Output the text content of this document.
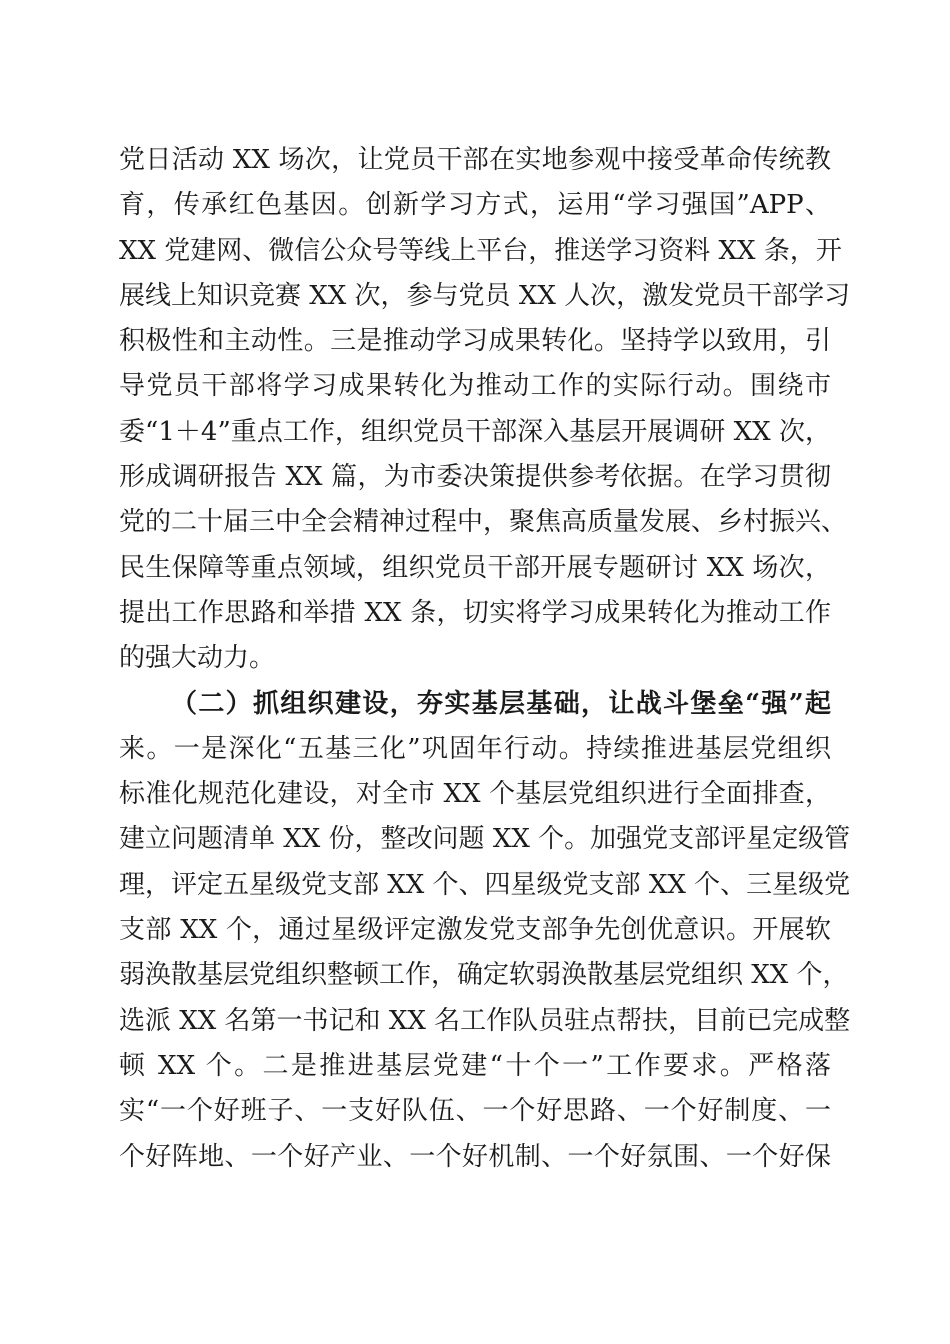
党日活动 XX 场次，让党员干部在实地参观中接受革命传统教
育，传承红色基因。创新学习方式，运用“学习强国”APP、
XX 党建网、微信公众号等线上平台，推送学习资料 XX 条，开
展线上知识竞赛 XX 次，参与党员 XX 人次，激发党员干部学习
积极性和主动性。三是推动学习成果转化。坚持学以致用，引
导党员干部将学习成果转化为推动工作的实际行动。围绕市
委“1＋4”重点工作，组织党员干部深入基层开展调研 XX 次，
形成调研报告 XX 篇，为市委决策提供参考依据。在学习贯彻
党的二十届三中全会精神过程中，聚焦高质量发展、乡村振兴、
民生保障等重点领域，组织党员干部开展专题研讨 XX 场次，
提出工作思路和举措 XX 条，切实将学习成果转化为推动工作
的强大动力。
（二）抓组织建设，夯实基层基础，让战斗堡垒“强”起
来。一是深化“五基三化”巩固年行动。持续推进基层党组织
标准化规范化建设，对全市 XX 个基层党组织进行全面排查，
建立问题清单 XX 份，整改问题 XX 个。加强党支部评星定级管
理，评定五星级党支部 XX 个、四星级党支部 XX 个、三星级党
支部 XX 个，通过星级评定激发党支部争先创优意识。开展软
弱涣散基层党组织整顿工作，确定软弱涣散基层党组织 XX 个，
选派 XX 名第一书记和 XX 名工作队员驻点帮扶，目前已完成整
顿 XX 个。二是推进基层党建“十个一”工作要求。严格落
实“一个好班子、一支好队伍、一个好思路、一个好制度、一
个好阵地、一个好产业、一个好机制、一个好氛围、一个好保
